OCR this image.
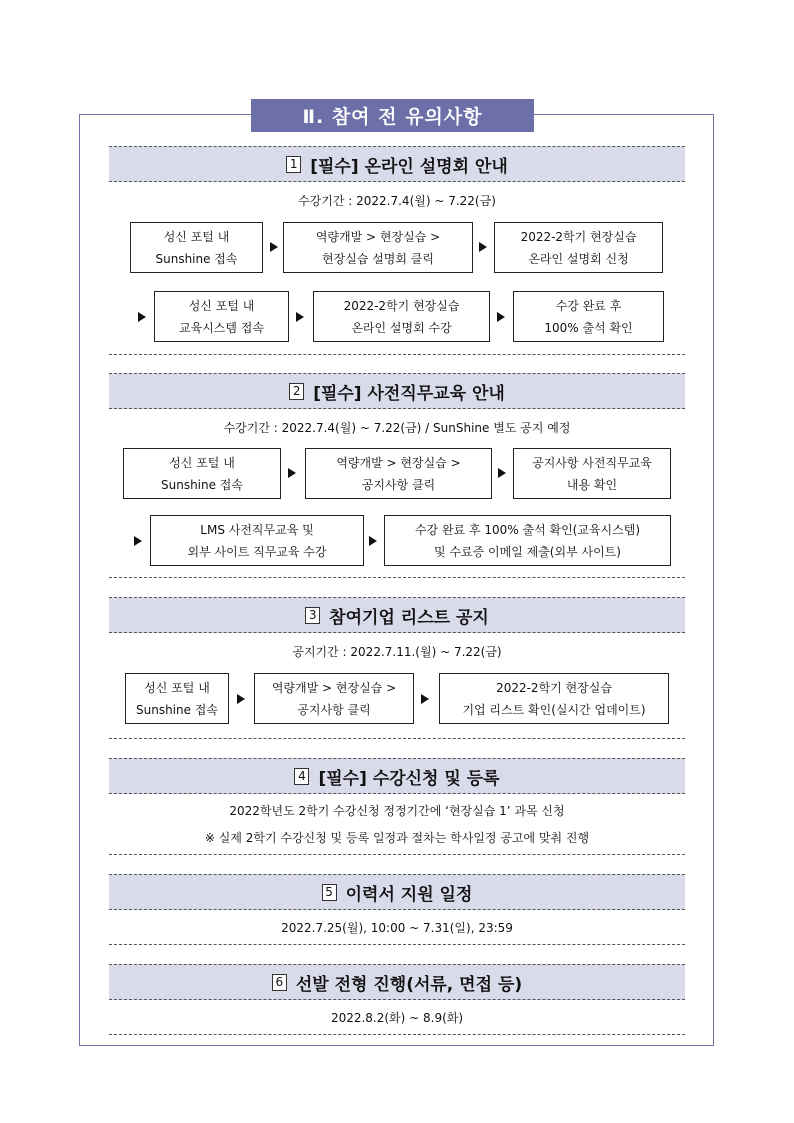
Ⅱ. 참여 전 유의사항
1 [필수] 온라인 설명회 안내
수강기간 : 2022.7.4(월) ~ 7.22(금)
성신 포털 내
Sunshine 접속
역량개발 > 현장실습 >
현장실습 설명회 클릭
2022-2학기 현장실습
온라인 설명회 신청
성신 포털 내
교육시스템 접속
2022-2학기 현장실습
온라인 설명회 수강
수강 완료 후
100% 출석 확인
2 [필수] 사전직무교육 안내
수강기간 : 2022.7.4(월) ~ 7.22(금) / SunShine 별도 공지 예정
성신 포털 내
Sunshine 접속
역량개발 > 현장실습 >
공지사항 클릭
공지사항 사전직무교육
내용 확인
LMS 사전직무교육 및
외부 사이트 직무교육 수강
수강 완료 후 100% 출석 확인(교육시스템)
및 수료증 이메일 제출(외부 사이트)
3 참여기업 리스트 공지
공지기간 : 2022.7.11.(월) ~ 7.22(금)
성신 포털 내
Sunshine 접속
역량개발 > 현장실습 >
공지사항 클릭
2022-2학기 현장실습
기업 리스트 확인(실시간 업데이트)
4 [필수] 수강신청 및 등록
2022학년도 2학기 수강신청 정정기간에 ‘현장실습 1’ 과목 신청
※ 실제 2학기 수강신청 및 등록 일정과 절차는 학사일정 공고에 맞춰 진행
5 이력서 지원 일정
2022.7.25(월), 10:00 ~ 7.31(일), 23:59
6 선발 전형 진행(서류, 면접 등)
2022.8.2(화) ~ 8.9(화)
